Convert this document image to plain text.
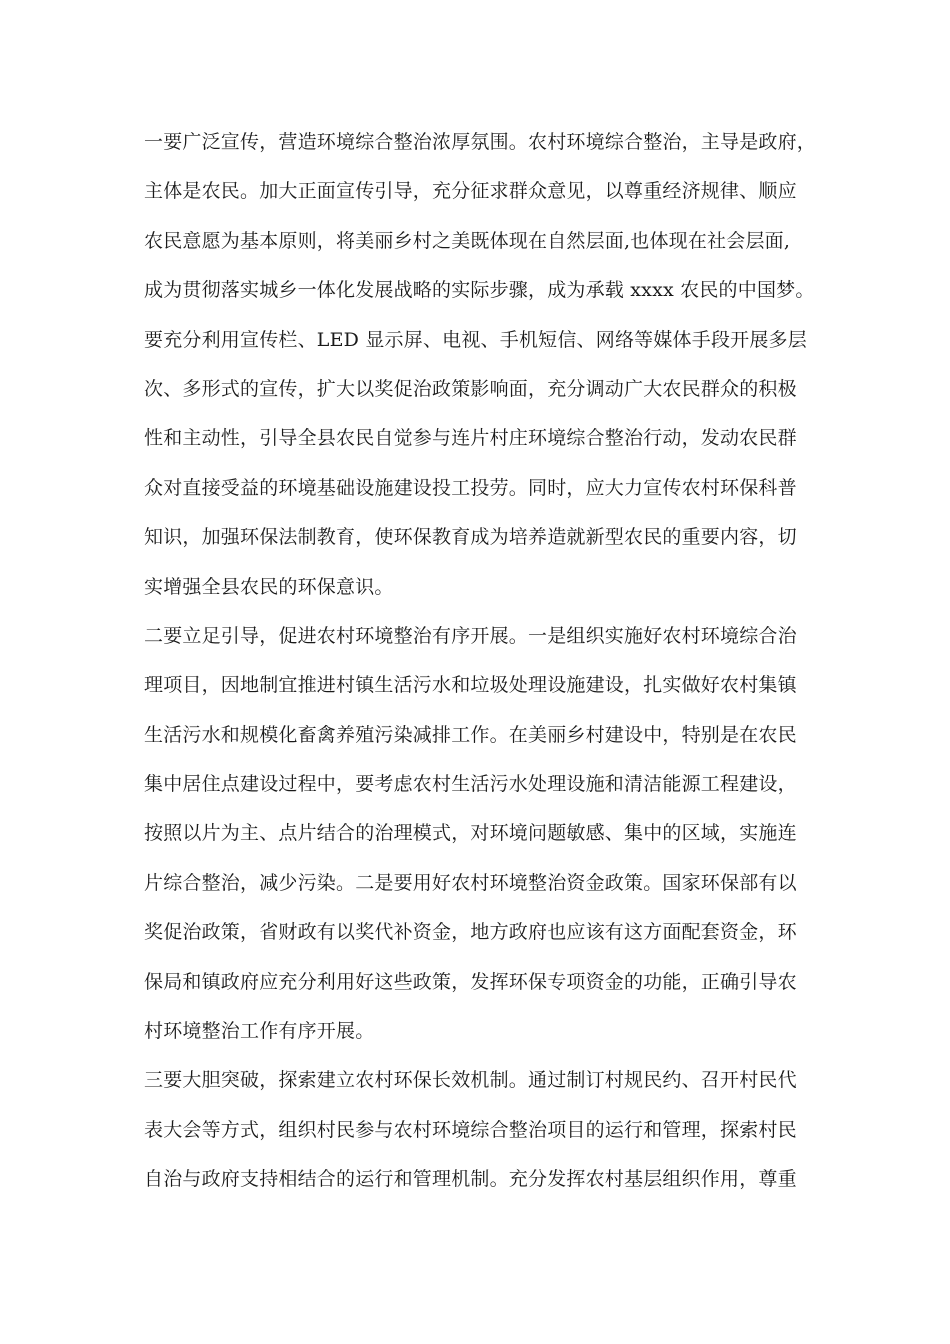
一要广泛宣传，营造环境综合整治浓厚氛围。农村环境综合整治，主导是政府，
主体是农民。加大正面宣传引导，充分征求群众意见，以尊重经济规律、顺应
农民意愿为基本原则，将美丽乡村之美既体现在自然层面,也体现在社会层面,
成为贯彻落实城乡一体化发展战略的实际步骤，成为承载 xxxx 农民的中国梦。
要充分利用宣传栏、LED 显示屏、电视、手机短信、网络等媒体手段开展多层
次、多形式的宣传，扩大以奖促治政策影响面，充分调动广大农民群众的积极
性和主动性，引导全县农民自觉参与连片村庄环境综合整治行动，发动农民群
众对直接受益的环境基础设施建设投工投劳。同时，应大力宣传农村环保科普
知识，加强环保法制教育，使环保教育成为培养造就新型农民的重要内容，切
实增强全县农民的环保意识。
二要立足引导，促进农村环境整治有序开展。一是组织实施好农村环境综合治
理项目，因地制宜推进村镇生活污水和垃圾处理设施建设，扎实做好农村集镇
生活污水和规模化畜禽养殖污染减排工作。在美丽乡村建设中，特别是在农民
集中居住点建设过程中，要考虑农村生活污水处理设施和清洁能源工程建设，
按照以片为主、点片结合的治理模式，对环境问题敏感、集中的区域，实施连
片综合整治，减少污染。二是要用好农村环境整治资金政策。国家环保部有以
奖促治政策，省财政有以奖代补资金，地方政府也应该有这方面配套资金，环
保局和镇政府应充分利用好这些政策，发挥环保专项资金的功能，正确引导农
村环境整治工作有序开展。
三要大胆突破，探索建立农村环保长效机制。通过制订村规民约、召开村民代
表大会等方式，组织村民参与农村环境综合整治项目的运行和管理，探索村民
自治与政府支持相结合的运行和管理机制。充分发挥农村基层组织作用，尊重
